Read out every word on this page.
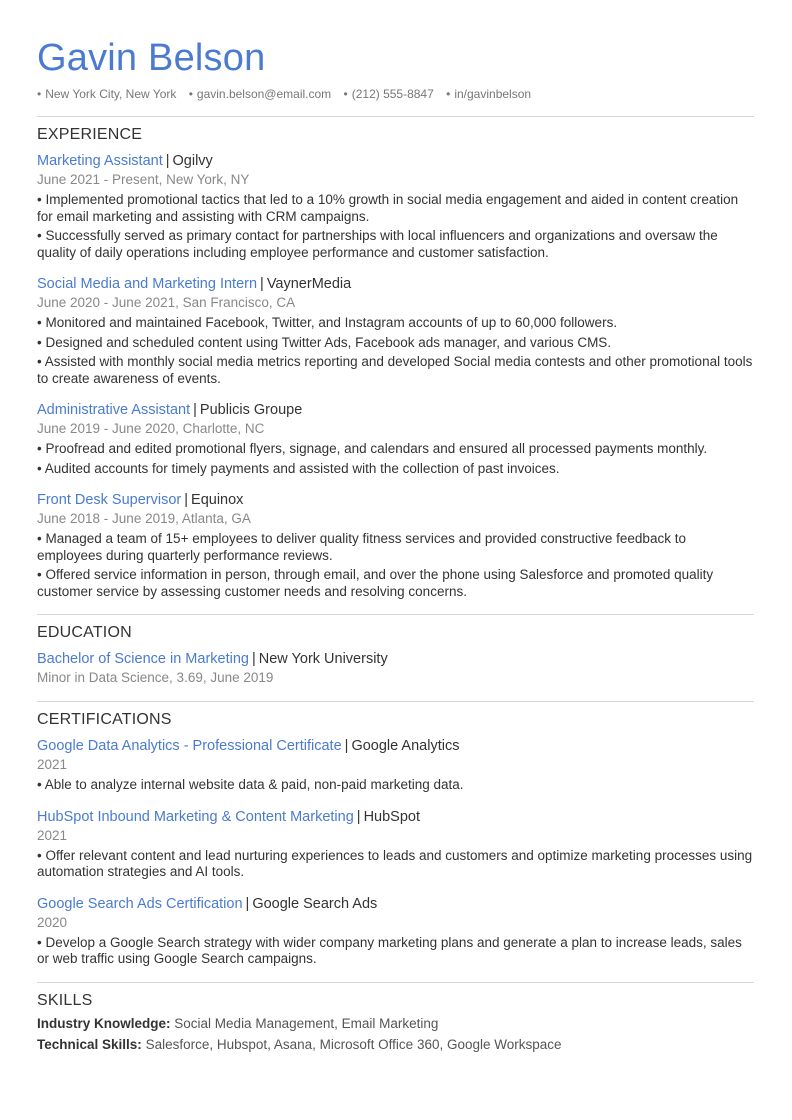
Gavin Belson
• New York City, New York • gavin.belson@email.com • (212) 555-8847 • in/gavinbelson
EXPERIENCE
Marketing Assistant | Ogilvy
June 2021 - Present, New York, NY
• Implemented promotional tactics that led to a 10% growth in social media engagement and aided in content creation for email marketing and assisting with CRM campaigns.
• Successfully served as primary contact for partnerships with local influencers and organizations and oversaw the quality of daily operations including employee performance and customer satisfaction.
Social Media and Marketing Intern | VaynerMedia
June 2020 - June 2021, San Francisco, CA
• Monitored and maintained Facebook, Twitter, and Instagram accounts of up to 60,000 followers.
• Designed and scheduled content using Twitter Ads, Facebook ads manager, and various CMS.
• Assisted with monthly social media metrics reporting and developed Social media contests and other promotional tools to create awareness of events.
Administrative Assistant | Publicis Groupe
June 2019 - June 2020, Charlotte, NC
• Proofread and edited promotional flyers, signage, and calendars and ensured all processed payments monthly.
• Audited accounts for timely payments and assisted with the collection of past invoices.
Front Desk Supervisor | Equinox
June 2018 - June 2019, Atlanta, GA
• Managed a team of 15+ employees to deliver quality fitness services and provided constructive feedback to employees during quarterly performance reviews.
• Offered service information in person, through email, and over the phone using Salesforce and promoted quality customer service by assessing customer needs and resolving concerns.
EDUCATION
Bachelor of Science in Marketing | New York University
Minor in Data Science, 3.69, June 2019
CERTIFICATIONS
Google Data Analytics - Professional Certificate | Google Analytics
2021
• Able to analyze internal website data & paid, non-paid marketing data.
HubSpot Inbound Marketing & Content Marketing | HubSpot
2021
• Offer relevant content and lead nurturing experiences to leads and customers and optimize marketing processes using automation strategies and AI tools.
Google Search Ads Certification | Google Search Ads
2020
• Develop a Google Search strategy with wider company marketing plans and generate a plan to increase leads, sales or web traffic using Google Search campaigns.
SKILLS
Industry Knowledge: Social Media Management, Email Marketing
Technical Skills: Salesforce, Hubspot, Asana, Microsoft Office 360, Google Workspace
